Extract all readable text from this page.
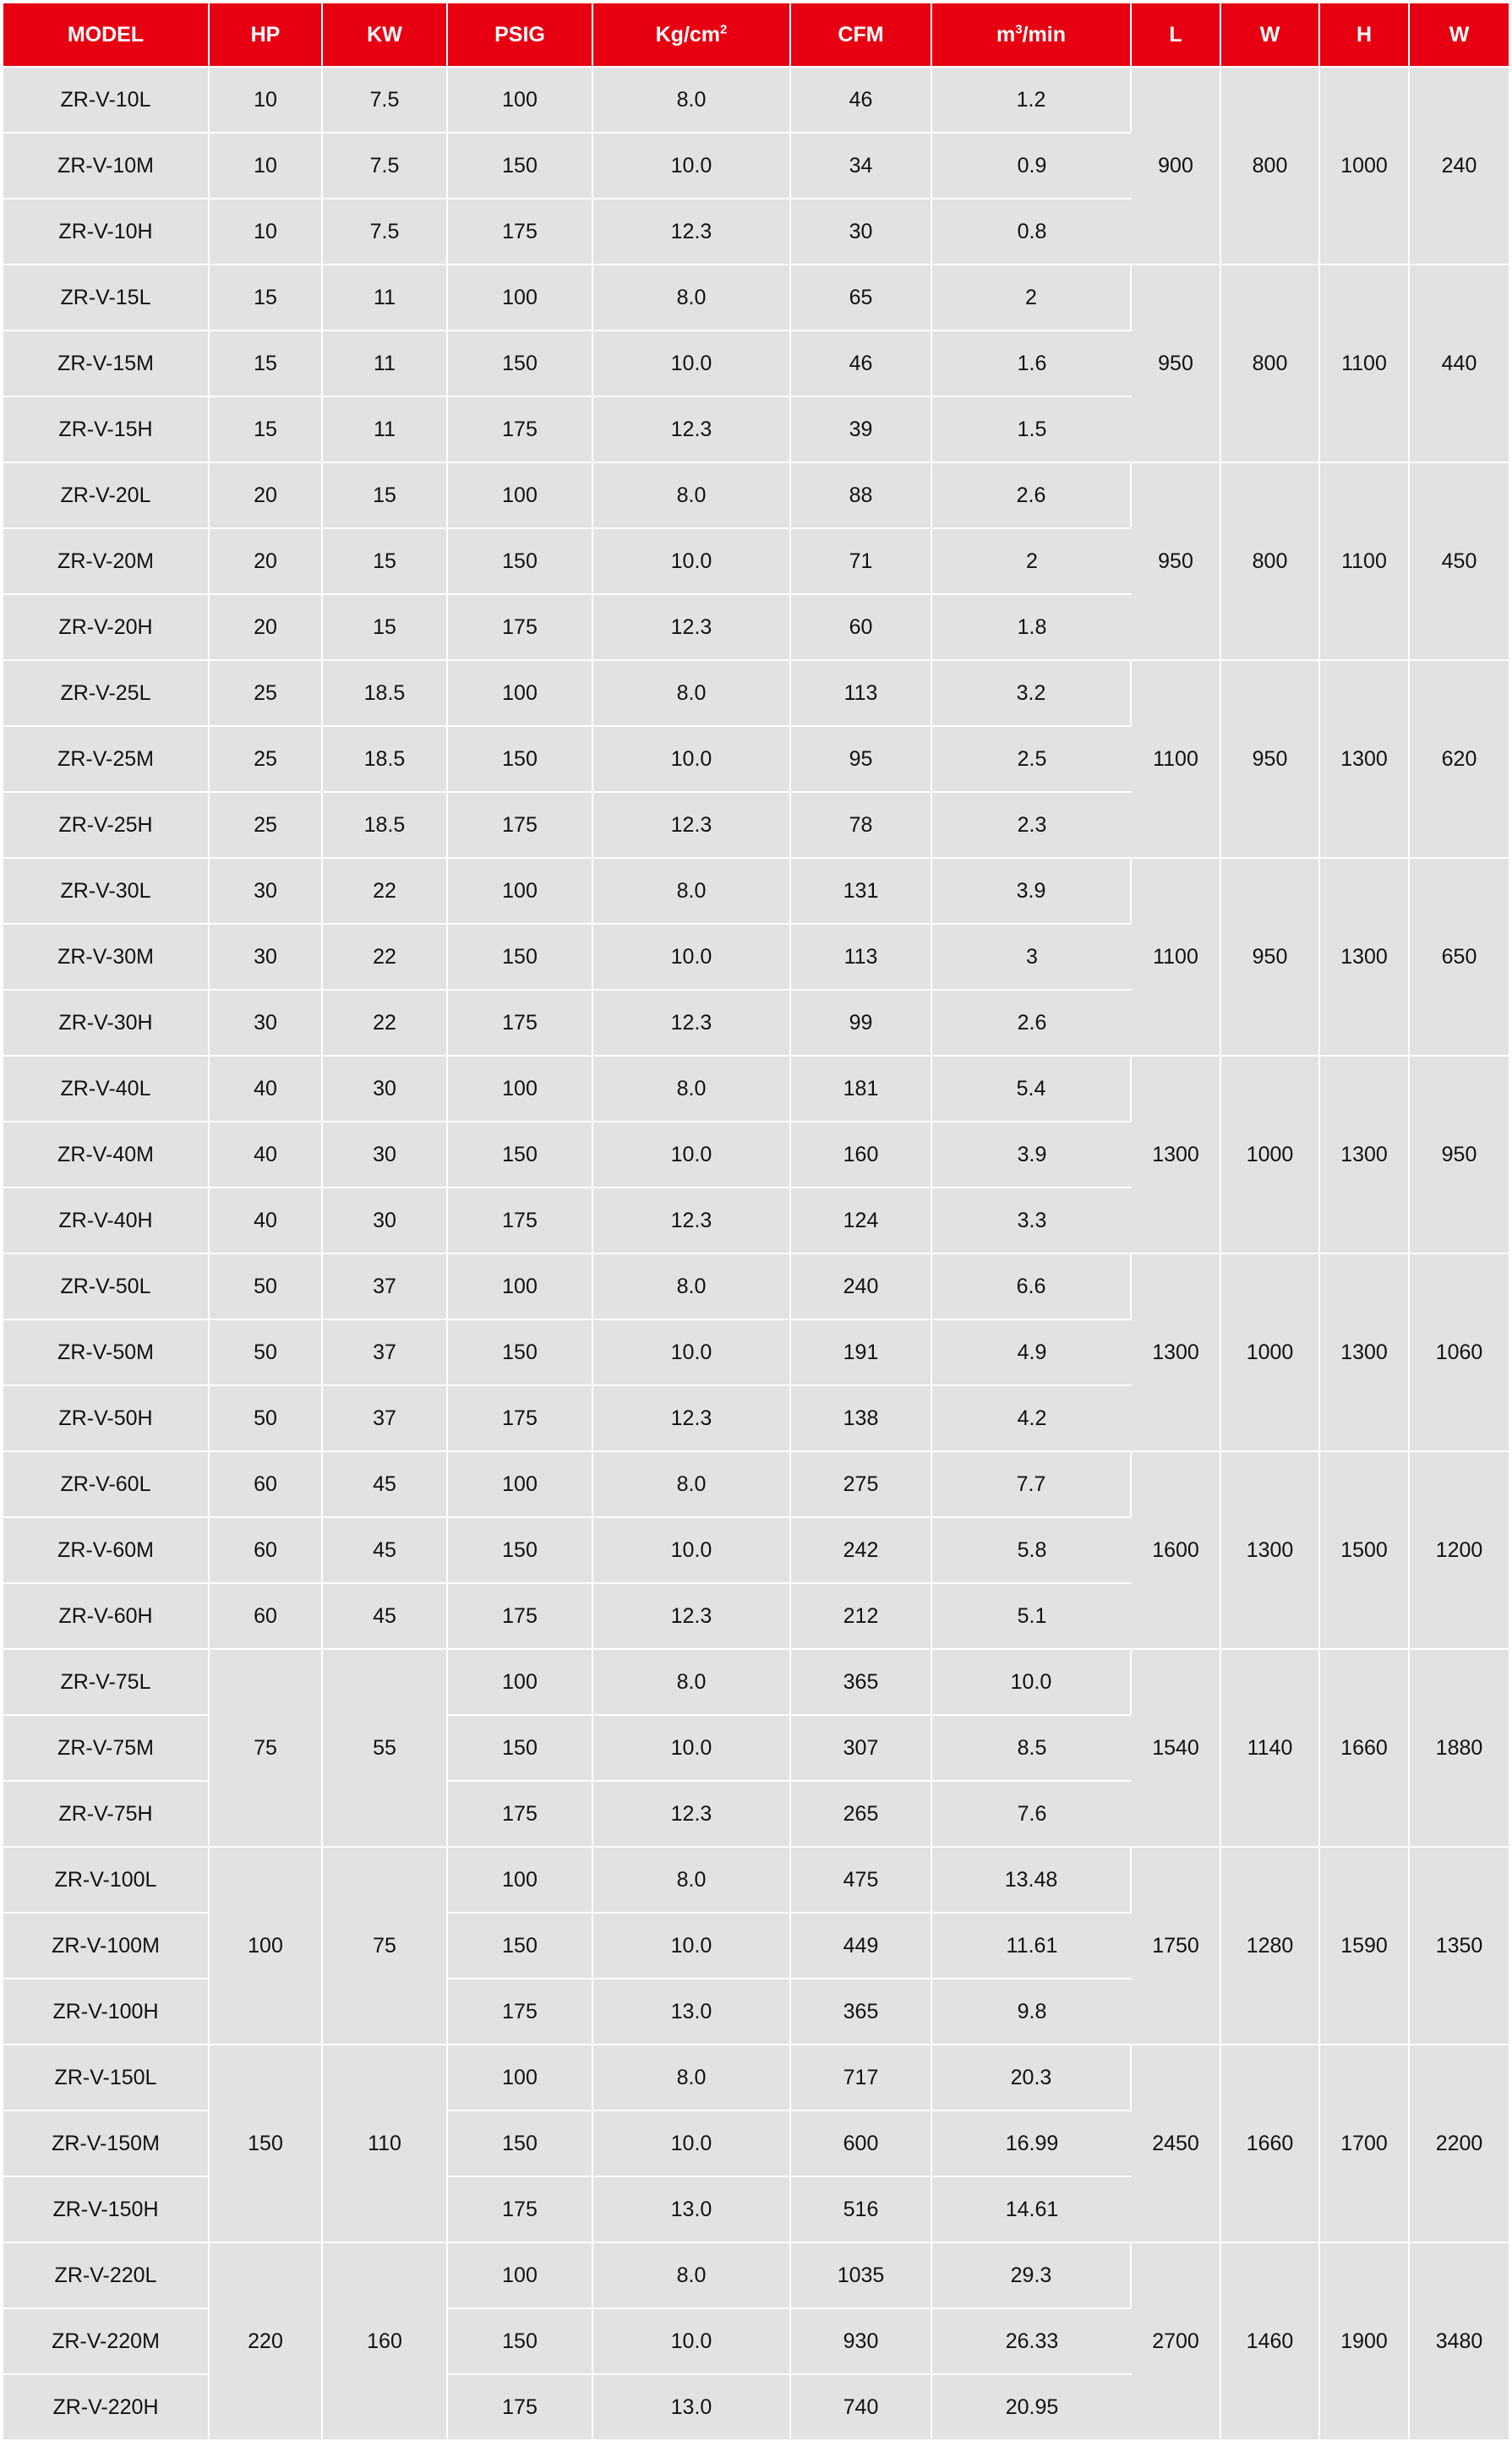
MODEL	HP	KW	PSIG	$Kg/cm^2$	CFM	$m^3/\min$	L	W	H	W
ZR-V-10L	10	7.5	100	8.0	46	1.2	900	800	1000	240
ZR-V-10M	10	7.5	150	10.0	34	0.9				
ZR-V-10H	10	7.5	175	12.3	30	0.8				
ZR-V-15L	15	11	100	8.0	65	2	950	800	1100	440
ZR-V-15M	15	11	150	10.0	46	1.6				
ZR-V-15H	15	11	175	12.3	39	1.5				
ZR-V-20L	20	15	100	8.0	88	2.6	950	800	1100	450
ZR-V-20M	20	15	150	10.0	71	2				
ZR-V-20H	20	15	175	12.3	60	1.8				
ZR-V-25L	25	18.5	100	8.0	113	3.2	1100	950	1300	620
ZR-V-25M	25	18.5	150	10.0	95	2.5				
ZR-V-25H	25	18.5	175	12.3	78	2.3				
ZR-V-30L	30	22	100	8.0	131	3.9	1100	950	1300	650
ZR-V-30M	30	22	150	10.0	113	3				
ZR-V-30H	30	22	175	12.3	99	2.6				
ZR-V-40L	40	30	100	8.0	181	5.4	1300	1000	1300	950
ZR-V-40M	40	30	150	10.0	160	3.9				
ZR-V-40H	40	30	175	12.3	124	3.3				
ZR-V-50L	50	37	100	8.0	240	6.6	1300	1000	1300	1060
ZR-V-50M	50	37	150	10.0	191	4.9				
ZR-V-50H	50	37	175	12.3	138	4.2				
ZR-V-60L	60	45	100	8.0	275	7.7	1600	1300	1500	1200
ZR-V-60M	60	45	150	10.0	242	5.8				
ZR-V-60H	60	45	175	12.3	212	5.1				
ZR-V-75L	75	55	100	8.0	365	10.0	1540	1140	1660	1880
ZR-V-75M			150	10.0	307	8.5				
ZR-V-75H			175	12.3	265	7.6				
ZR-V-100L	100	75	100	8.0	475	13.48	1750	1280	1590	1350
ZR-V-100M			150	10.0	449	11.61				
ZR-V-100H			175	13.0	365	9.8				
ZR-V-150L	150	110	100	8.0	717	20.3	2450	1660	1700	2200
ZR-V-150M			150	10.0	600	16.99				
ZR-V-150H			175	13.0	516	14.61				
ZR-V-220L	220	160	100	8.0	1035	29.3	2700	1460	1900	3480
ZR-V-220M			150	10.0	930	26.33				
ZR-V-220H			175	13.0	740	20.95				
